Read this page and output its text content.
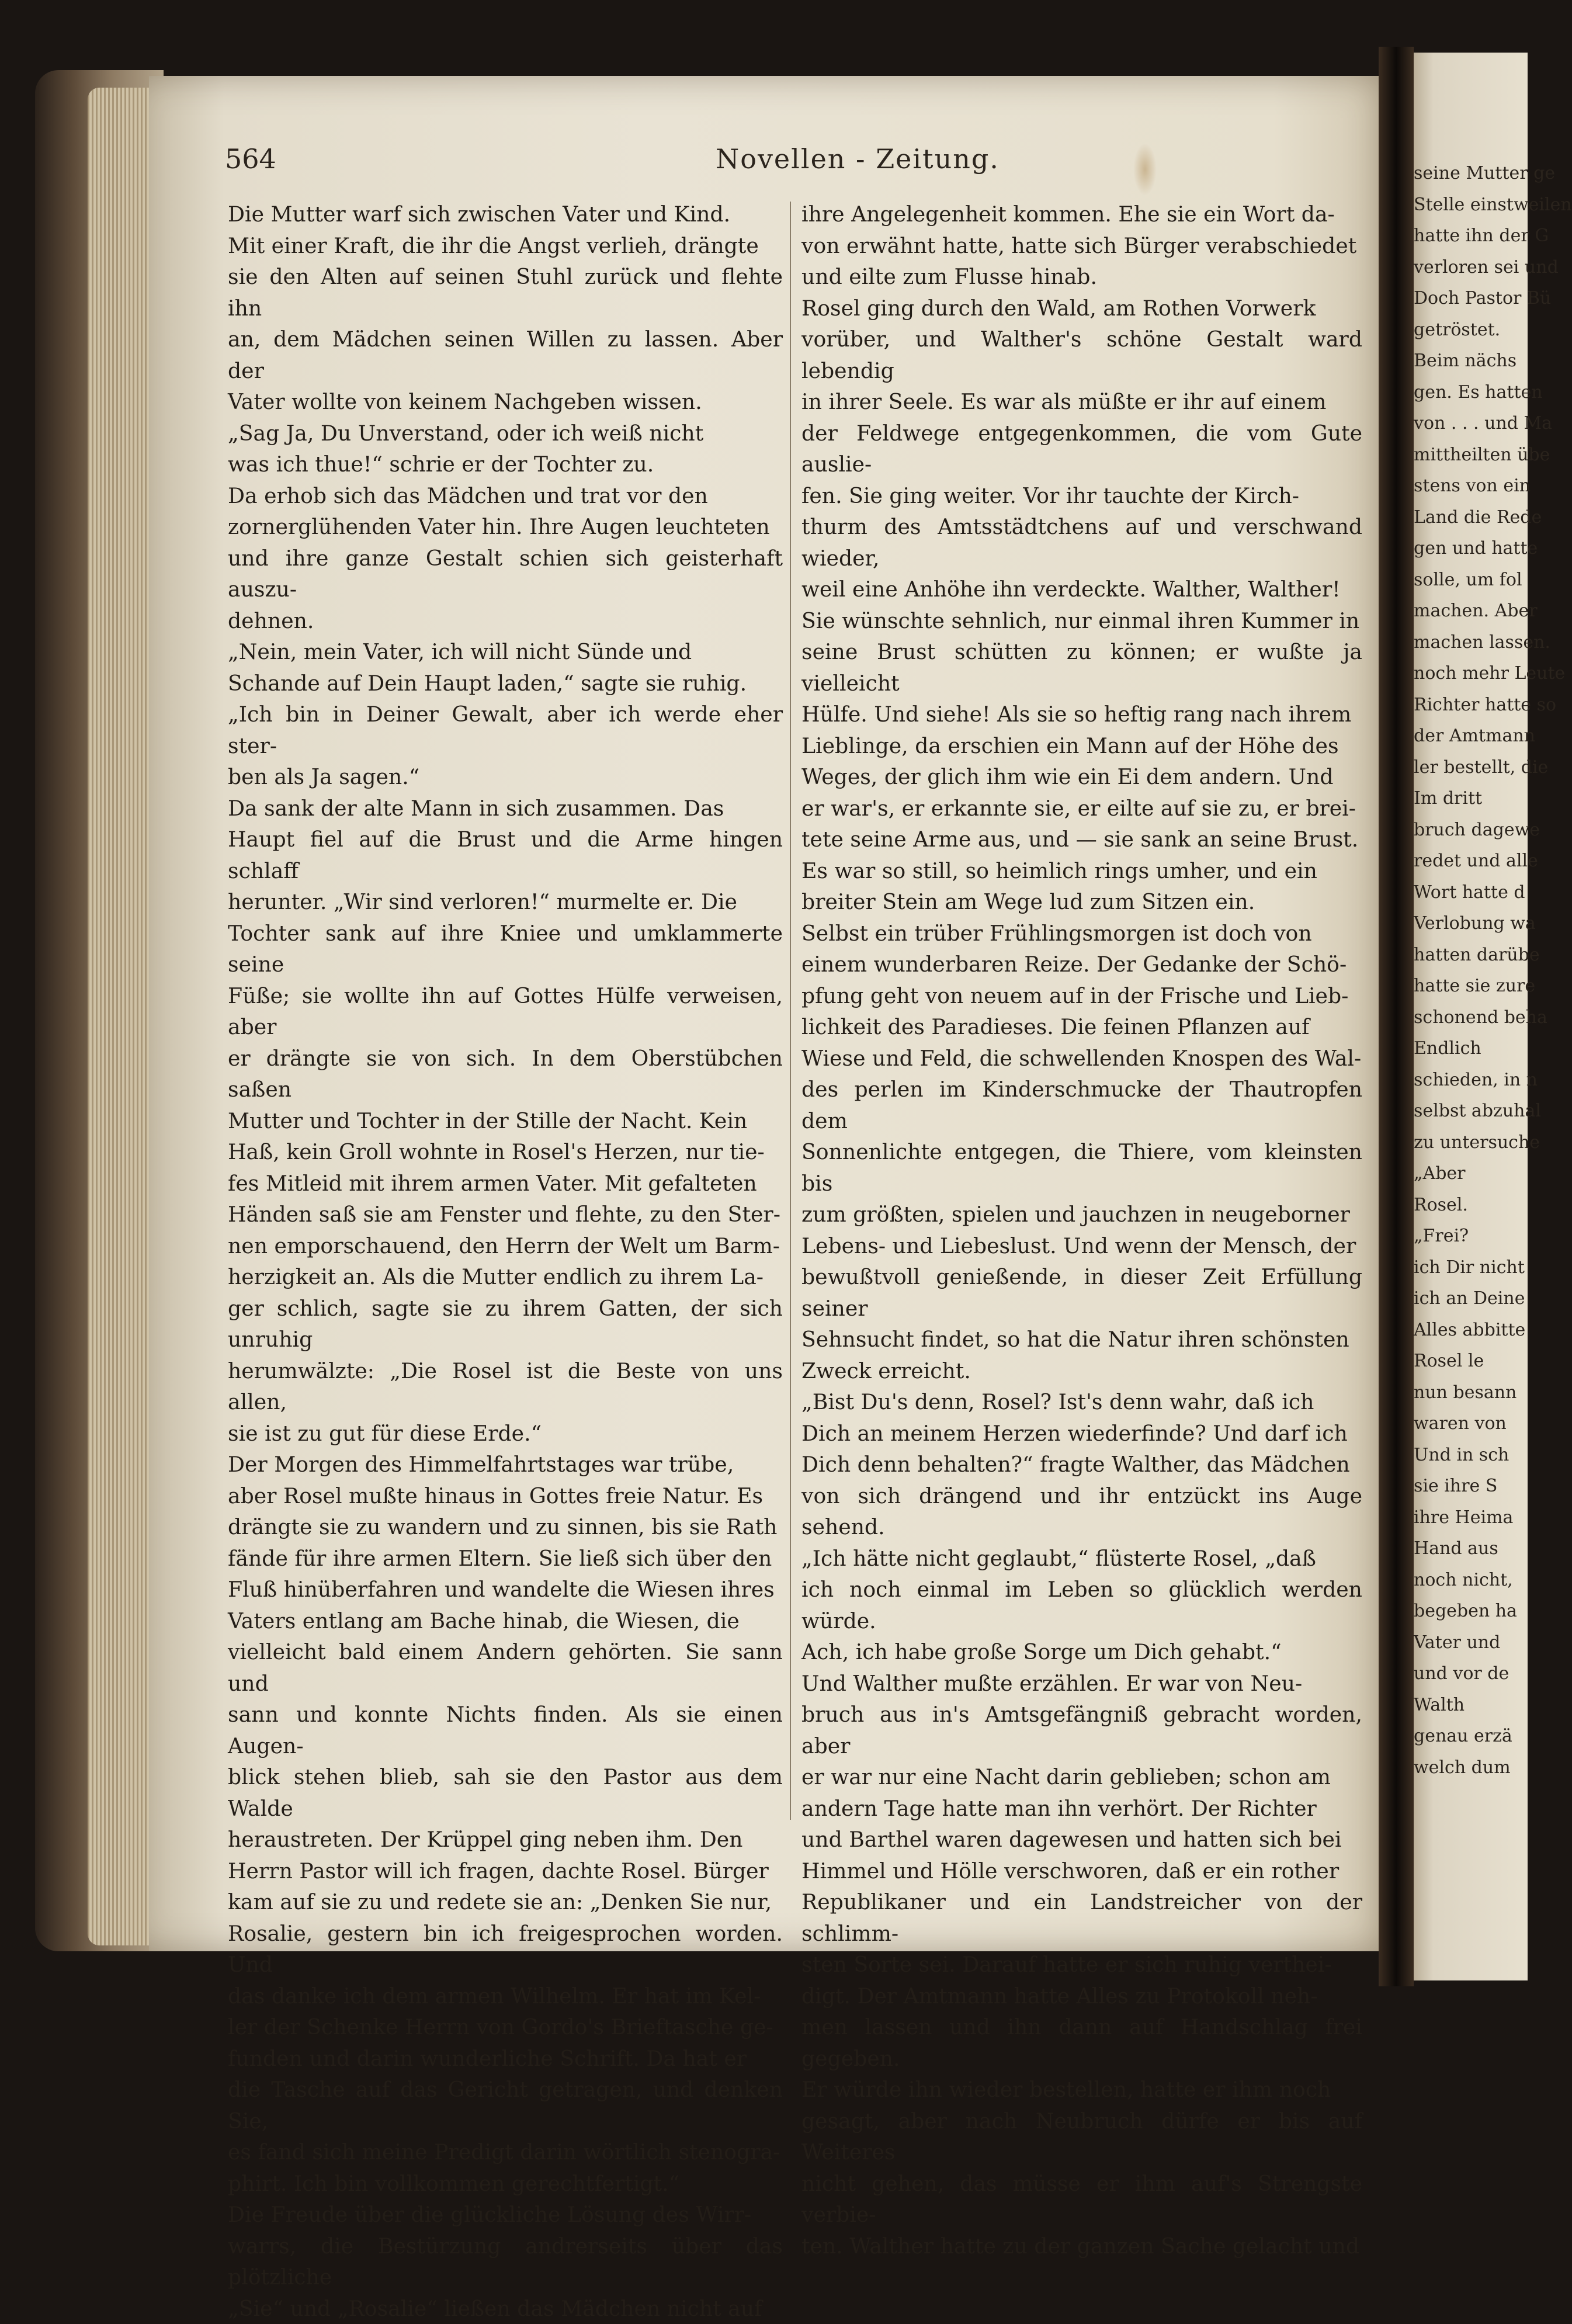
564	Novellen - Zeitung.

Die Mutter warf sich zwischen Vater und Kind.
Mit einer Kraft, die ihr die Angst verlieh, drängte
sie den Alten auf seinen Stuhl zurück und flehte ihn
an, dem Mädchen seinen Willen zu lassen. Aber der
Vater wollte von keinem Nachgeben wissen.

„Sag Ja, Du Unverstand, oder ich weiß nicht
was ich thue!“ schrie er der Tochter zu.

Da erhob sich das Mädchen und trat vor den
zornerglühenden Vater hin. Ihre Augen leuchteten
und ihre ganze Gestalt schien sich geisterhaft auszu-
dehnen.

„Nein, mein Vater, ich will nicht Sünde und
Schande auf Dein Haupt laden,“ sagte sie ruhig.
„Ich bin in Deiner Gewalt, aber ich werde eher ster-
ben als Ja sagen.“

Da sank der alte Mann in sich zusammen. Das
Haupt fiel auf die Brust und die Arme hingen schlaff
herunter. „Wir sind verloren!“ murmelte er. Die
Tochter sank auf ihre Kniee und umklammerte seine
Füße; sie wollte ihn auf Gottes Hülfe verweisen, aber
er drängte sie von sich. In dem Oberstübchen saßen
Mutter und Tochter in der Stille der Nacht. Kein
Haß, kein Groll wohnte in Rosel's Herzen, nur tie-
fes Mitleid mit ihrem armen Vater. Mit gefalteten
Händen saß sie am Fenster und flehte, zu den Ster-
nen emporschauend, den Herrn der Welt um Barm-
herzigkeit an. Als die Mutter endlich zu ihrem La-
ger schlich, sagte sie zu ihrem Gatten, der sich unruhig
herumwälzte: „Die Rosel ist die Beste von uns allen,
sie ist zu gut für diese Erde.“

Der Morgen des Himmelfahrtstages war trübe,
aber Rosel mußte hinaus in Gottes freie Natur. Es
drängte sie zu wandern und zu sinnen, bis sie Rath
fände für ihre armen Eltern. Sie ließ sich über den
Fluß hinüberfahren und wandelte die Wiesen ihres
Vaters entlang am Bache hinab, die Wiesen, die
vielleicht bald einem Andern gehörten. Sie sann und
sann und konnte Nichts finden. Als sie einen Augen-
blick stehen blieb, sah sie den Pastor aus dem Walde
heraustreten. Der Krüppel ging neben ihm. Den
Herrn Pastor will ich fragen, dachte Rosel. Bürger
kam auf sie zu und redete sie an: „Denken Sie nur,
Rosalie, gestern bin ich freigesprochen worden. Und
das danke ich dem armen Wilhelm. Er hat im Kel-
ler der Schenke Herrn von Gordo's Brieftasche ge-
funden und darin wunderliche Schrift. Da hat er
die Tasche auf das Gericht getragen, und denken Sie,
es fand sich meine Predigt darin wörtlich stenogra-
phirt. Ich bin vollkommen gerechtfertigt.“

Die Freude über die glückliche Lösung des Wirr-
warrs, die Bestürzung andrerseits über das plötzliche
„Sie“ und „Rosalie“ ließen das Mädchen nicht auf

ihre Angelegenheit kommen. Ehe sie ein Wort da-
von erwähnt hatte, hatte sich Bürger verabschiedet
und eilte zum Flusse hinab.

Rosel ging durch den Wald, am Rothen Vorwerk
vorüber, und Walther's schöne Gestalt ward lebendig
in ihrer Seele. Es war als müßte er ihr auf einem
der Feldwege entgegenkommen, die vom Gute auslie-
fen. Sie ging weiter. Vor ihr tauchte der Kirch-
thurm des Amtsstädtchens auf und verschwand wieder,
weil eine Anhöhe ihn verdeckte. Walther, Walther!
Sie wünschte sehnlich, nur einmal ihren Kummer in
seine Brust schütten zu können; er wußte ja vielleicht
Hülfe. Und siehe! Als sie so heftig rang nach ihrem
Lieblinge, da erschien ein Mann auf der Höhe des
Weges, der glich ihm wie ein Ei dem andern. Und
er war's, er erkannte sie, er eilte auf sie zu, er brei-
tete seine Arme aus, und — sie sank an seine Brust.
Es war so still, so heimlich rings umher, und ein
breiter Stein am Wege lud zum Sitzen ein.

Selbst ein trüber Frühlingsmorgen ist doch von
einem wunderbaren Reize. Der Gedanke der Schö-
pfung geht von neuem auf in der Frische und Lieb-
lichkeit des Paradieses. Die feinen Pflanzen auf
Wiese und Feld, die schwellenden Knospen des Wal-
des perlen im Kinderschmucke der Thautropfen dem
Sonnenlichte entgegen, die Thiere, vom kleinsten bis
zum größten, spielen und jauchzen in neugeborner
Lebens- und Liebeslust. Und wenn der Mensch, der
bewußtvoll genießende, in dieser Zeit Erfüllung seiner
Sehnsucht findet, so hat die Natur ihren schönsten
Zweck erreicht.

„Bist Du's denn, Rosel? Ist's denn wahr, daß ich
Dich an meinem Herzen wiederfinde? Und darf ich
Dich denn behalten?“ fragte Walther, das Mädchen
von sich drängend und ihr entzückt ins Auge sehend.

„Ich hätte nicht geglaubt,“ flüsterte Rosel, „daß
ich noch einmal im Leben so glücklich werden würde.
Ach, ich habe große Sorge um Dich gehabt.“

Und Walther mußte erzählen. Er war von Neu-
bruch aus in's Amtsgefängniß gebracht worden, aber
er war nur eine Nacht darin geblieben; schon am
andern Tage hatte man ihn verhört. Der Richter
und Barthel waren dagewesen und hatten sich bei
Himmel und Hölle verschworen, daß er ein rother
Republikaner und ein Landstreicher von der schlimm-
sten Sorte sei. Darauf hatte er sich ruhig verthei-
digt. Der Amtmann hatte Alles zu Protokoll neh-
men lassen und ihn dann auf Handschlag frei gegeben.
Er würde ihn wieder bestellen, hatte er ihm noch
gesagt, aber nach Neubruch dürfe er bis auf Weiteres
nicht gehen, das müsse er ihm auf's Strengste verbie-
ten. Walther hatte zu der ganzen Sache gelacht und

seine Mutter ge
Stelle einstweilen
hatte ihn der G
verloren sei und
Doch Pastor Bü
getröstet.
Beim nächs
gen. Es hatten
von . . . und Ma
mittheilten übe
stens von ein
Land die Rede
gen und hatte
solle, um fol
machen. Aber
machen lassen.
noch mehr Leute
Richter hatte so
der Amtmann
ler bestellt, die
Im dritt
bruch dagewe
redet und alle
Wort hatte d
Verlobung wa
hatten darübe
hatte sie zure
schonend beha
Endlich
schieden, in n
selbst abzuhal
zu untersuche
„Aber
Rosel.
„Frei?
ich Dir nicht
ich an Deine
Alles abbitte
Rosel le
nun besann
waren von
Und in sch
sie ihre S
ihre Heima
Hand aus
noch nicht,
begeben ha
Vater und
und vor de
Walth
genau erzä
welch dum
